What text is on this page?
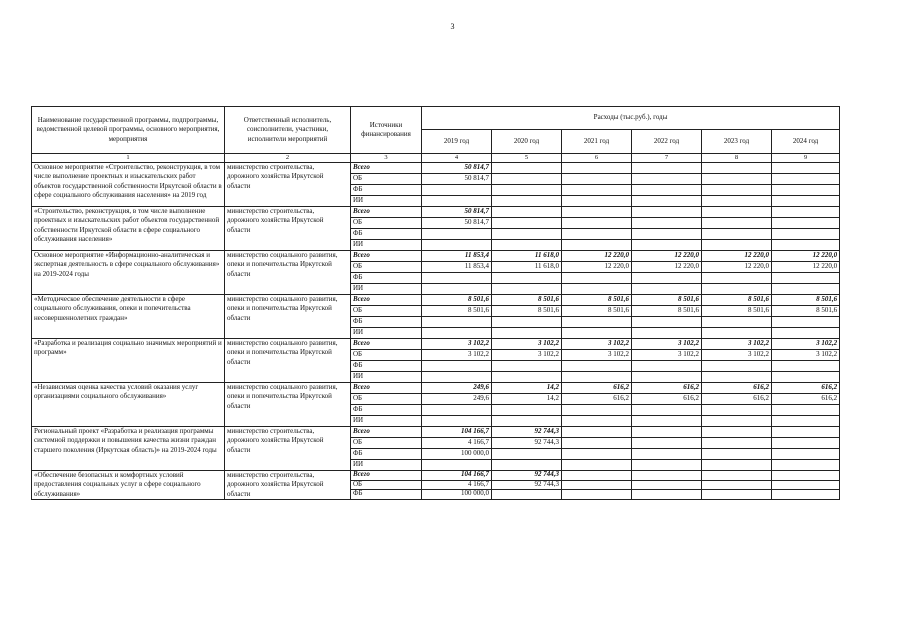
3
Наименование государственной программы, подпрограммы, ведомственной целевой программы, основного мероприятия, мероприятия	Ответственный исполнитель, соисполнители, участники, исполнители мероприятий	Источники финансирования	Расходы (тыс.руб.), годы					
			2019 год	2020 год	2021 год	2022 год	2023 год	2024 год
1	2	3	4	5	6	7	8	9
Основное мероприятие «Строительство, реконструкция, в том числе выполнение проектных и изыскательских работ объектов государственной собственности Иркутской области в сфере социального обслуживания населения» на 2019 год	министерство строительства, дорожного хозяйства Иркутской области	Всего	50 814,7					
		ОБ	50 814,7					
		ФБ						
		ИИ						
«Строительство, реконструкция, в том числе выполнение проектных и изыскательских работ объектов государственной собственности Иркутской области в сфере социального обслуживания населения»	министерство строительства, дорожного хозяйства Иркутской области	Всего	50 814,7					
		ОБ	50 814,7					
		ФБ						
		ИИ						
Основное мероприятие «Информационно-аналитическая и экспертная деятельность в сфере социального обслуживания» на 2019-2024 годы	министерство социального развития, опеки и попечительства Иркутской области	Всего	11 853,4	11 618,0	12 220,0	12 220,0	12 220,0	12 220,0
		ОБ	11 853,4	11 618,0	12 220,0	12 220,0	12 220,0	12 220,0
		ФБ						
		ИИ						
«Методическое обеспечение деятельности в сфере социального обслуживания, опеки и попечительства несовершеннолетних граждан»	министерство социального развития, опеки и попечительства Иркутской области	Всего	8 501,6	8 501,6	8 501,6	8 501,6	8 501,6	8 501,6
		ОБ	8 501,6	8 501,6	8 501,6	8 501,6	8 501,6	8 501,6
		ФБ						
		ИИ						
«Разработка и реализация социально значимых мероприятий и программ»	министерство социального развития, опеки и попечительства Иркутской области	Всего	3 102,2	3 102,2	3 102,2	3 102,2	3 102,2	3 102,2
		ОБ	3 102,2	3 102,2	3 102,2	3 102,2	3 102,2	3 102,2
		ФБ						
		ИИ						
«Независимая оценка качества условий оказания услуг организациями социального обслуживания»	министерство социального развития, опеки и попечительства Иркутской области	Всего	249,6	14,2	616,2	616,2	616,2	616,2
		ОБ	249,6	14,2	616,2	616,2	616,2	616,2
		ФБ						
		ИИ						
Региональный проект «Разработка и реализация программы системной поддержки и повышения качества жизни граждан старшего поколения (Иркутская область)» на 2019-2024 годы	министерство строительства, дорожного хозяйства Иркутской области	Всего	104 166,7	92 744,3				
		ОБ	4 166,7	92 744,3				
		ФБ	100 000,0					
		ИИ						
«Обеспечение безопасных и комфортных условий предоставления социальных услуг в сфере социального обслуживания»	министерство строительства, дорожного хозяйства Иркутской области	Всего	104 166,7	92 744,3				
		ОБ	4 166,7	92 744,3				
		ФБ	100 000,0					
